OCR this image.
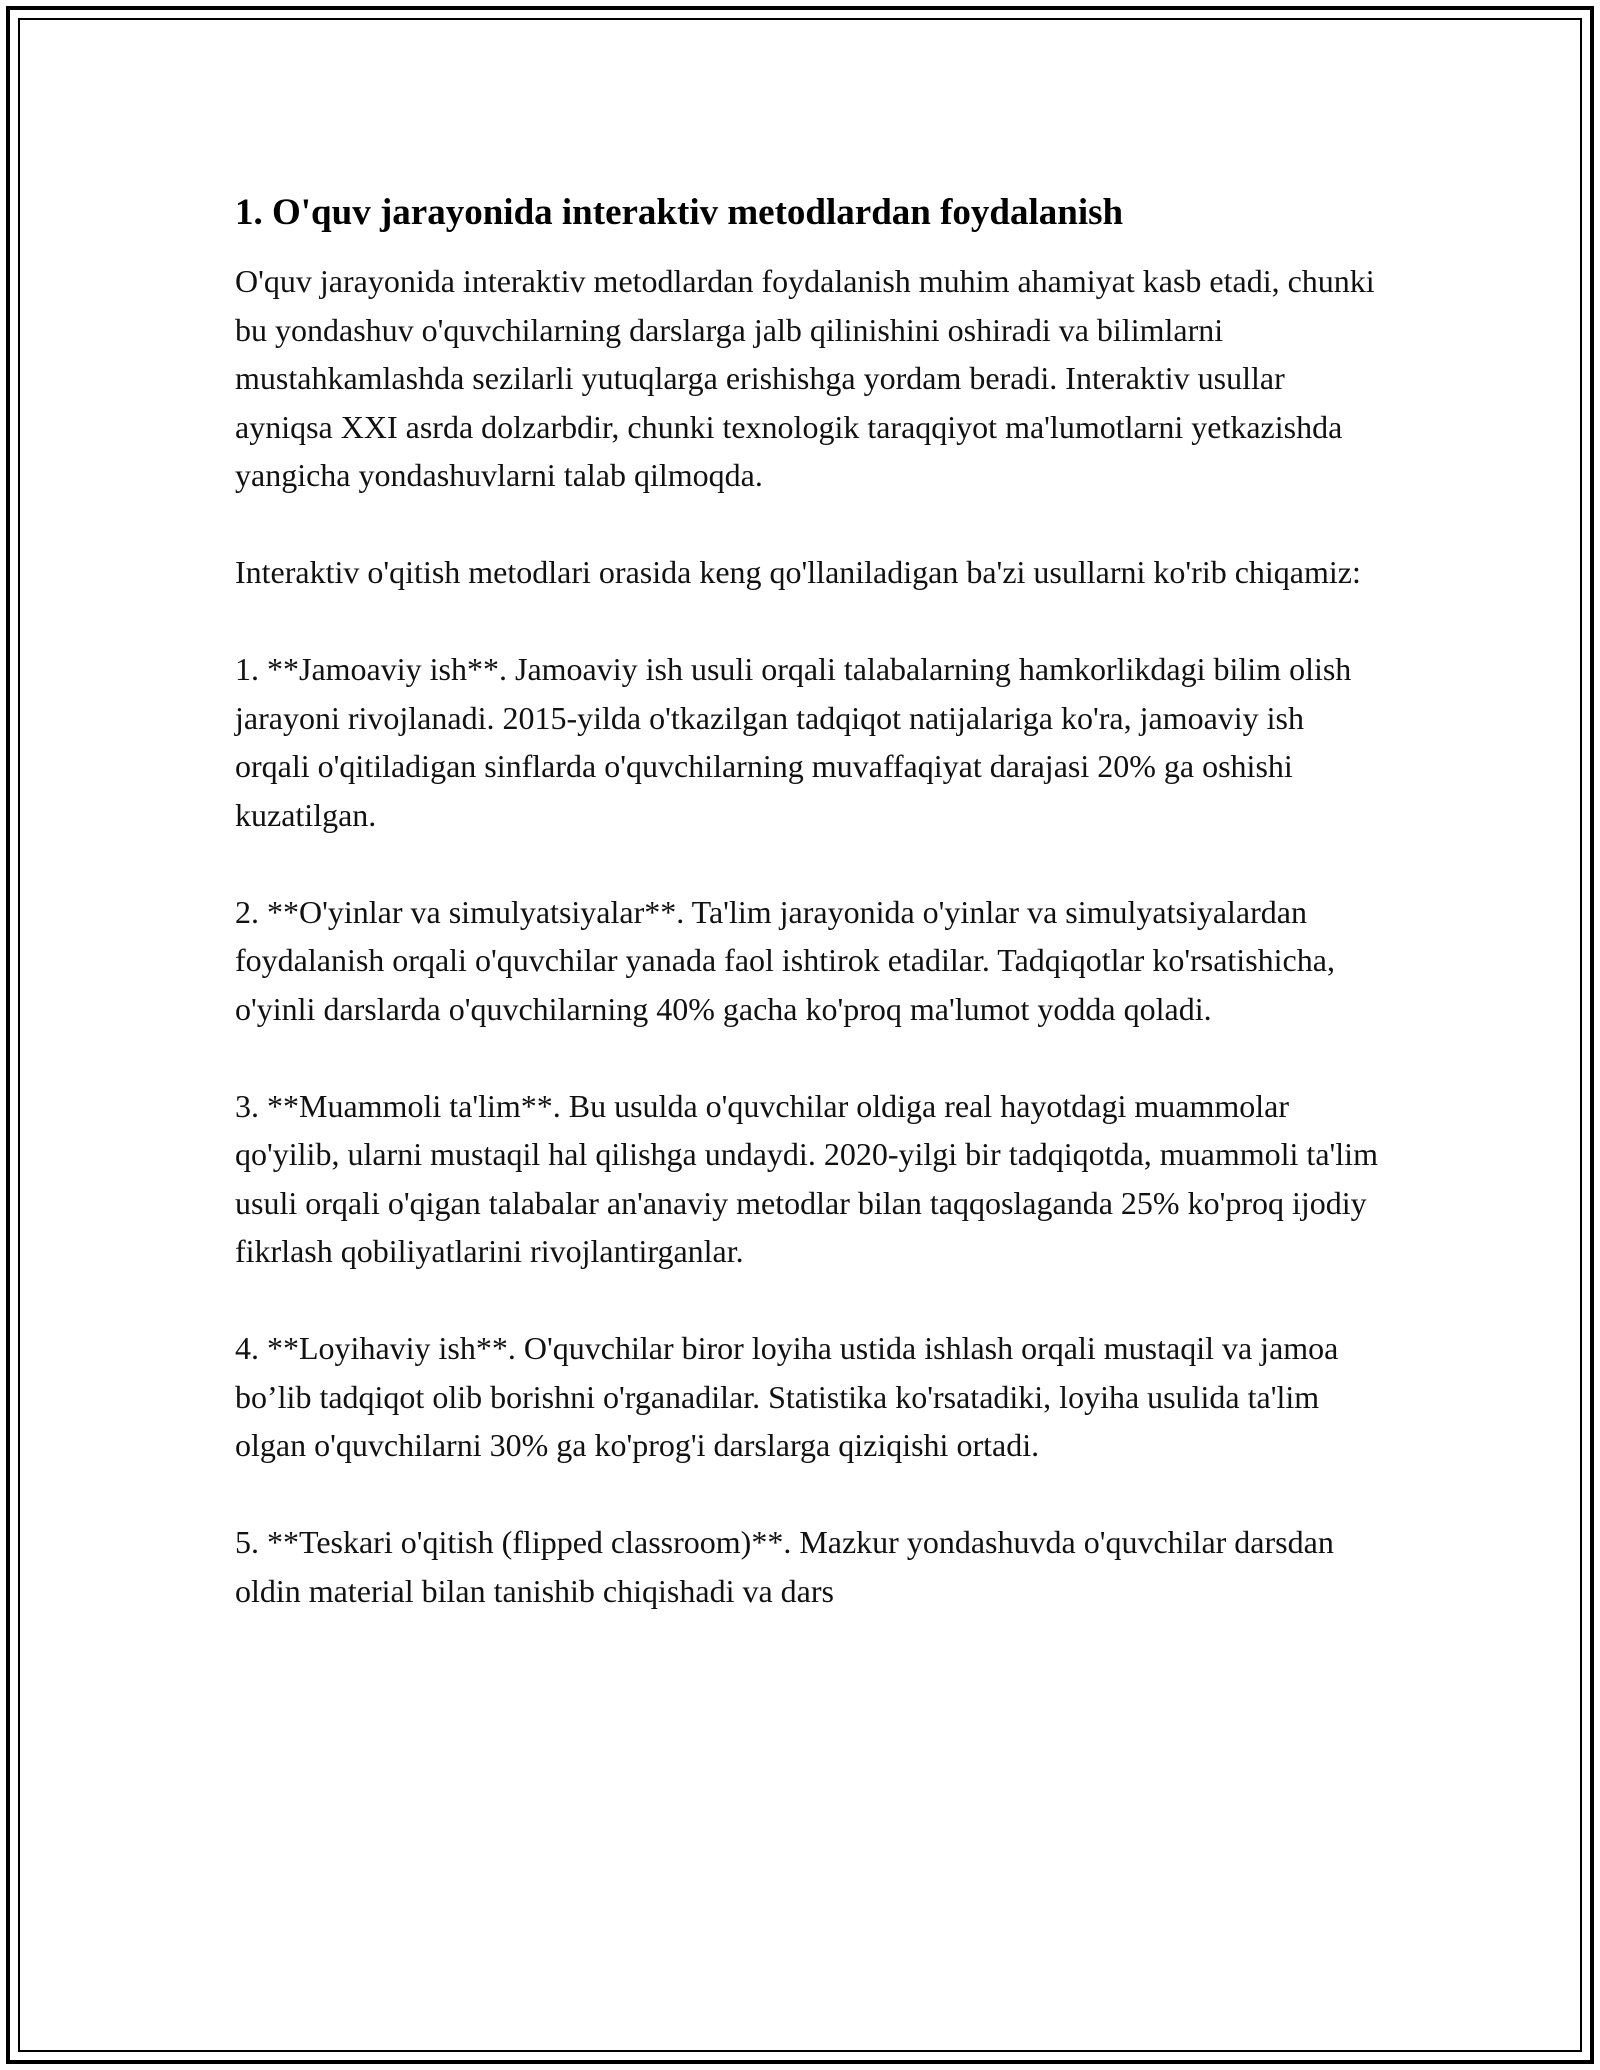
1. O'quv jarayonida interaktiv metodlardan foydalanish

O'quv jarayonida interaktiv metodlardan foydalanish muhim ahamiyat kasb etadi, chunki bu yondashuv o'quvchilarning darslarga jalb qilinishini oshiradi va bilimlarni mustahkamlashda sezilarli yutuqlarga erishishga yordam beradi. Interaktiv usullar ayniqsa XXI asrda dolzarbdir, chunki texnologik taraqqiyot ma'lumotlarni yetkazishda yangicha yondashuvlarni talab qilmoqda.

Interaktiv o'qitish metodlari orasida keng qo'llaniladigan ba'zi usullarni ko'rib chiqamiz:

1. **Jamoaviy ish**. Jamoaviy ish usuli orqali talabalarning hamkorlikdagi bilim olish jarayoni rivojlanadi. 2015-yilda o'tkazilgan tadqiqot natijalariga ko'ra, jamoaviy ish orqali o'qitiladigan sinflarda o'quvchilarning muvaffaqiyat darajasi 20% ga oshishi kuzatilgan.

2. **O'yinlar va simulyatsiyalar**. Ta'lim jarayonida o'yinlar va simulyatsiyalardan foydalanish orqali o'quvchilar yanada faol ishtirok etadilar. Tadqiqotlar ko'rsatishicha, o'yinli darslarda o'quvchilarning 40% gacha ko'proq ma'lumot yodda qoladi.

3. **Muammoli ta'lim**. Bu usulda o'quvchilar oldiga real hayotdagi muammolar qo'yilib, ularni mustaqil hal qilishga undaydi. 2020-yilgi bir tadqiqotda, muammoli ta'lim usuli orqali o'qigan talabalar an'anaviy metodlar bilan taqqoslaganda 25% ko'proq ijodiy fikrlash qobiliyatlarini rivojlantirganlar.

4. **Loyihaviy ish**. O'quvchilar biror loyiha ustida ishlash orqali mustaqil va jamoa bo’lib tadqiqot olib borishni o'rganadilar. Statistika ko'rsatadiki, loyiha usulida ta'lim olgan o'quvchilarni 30% ga ko'prog'i darslarga qiziqishi ortadi.

5. **Teskari o'qitish (flipped classroom)**. Mazkur yondashuvda o'quvchilar darsdan oldin material bilan tanishib chiqishadi va dars
